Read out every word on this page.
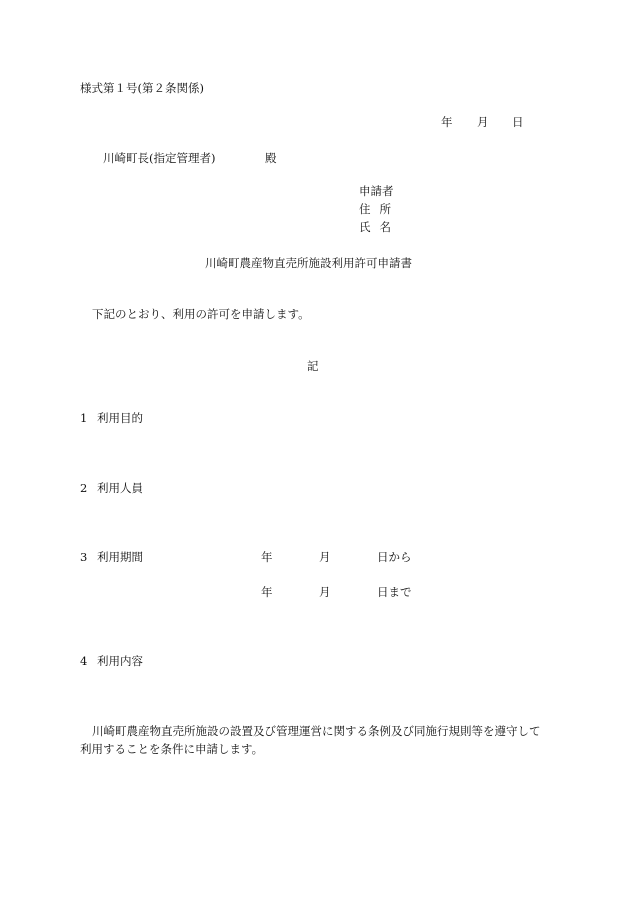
様式第１号(第２条関係)
年 月 日
川崎町長(指定管理者)	殿
申請者
住所
氏名
川崎町農産物直売所施設利用許可申請書
下記のとおり、利用の許可を申請します。
記
1 利用目的
2 利用人員
3 利用期間	年	月	日から
年	月	日まで
4 利用内容
川崎町農産物直売所施設の設置及び管理運営に関する条例及び同施行規則等を遵守して
利用することを条件に申請します。
